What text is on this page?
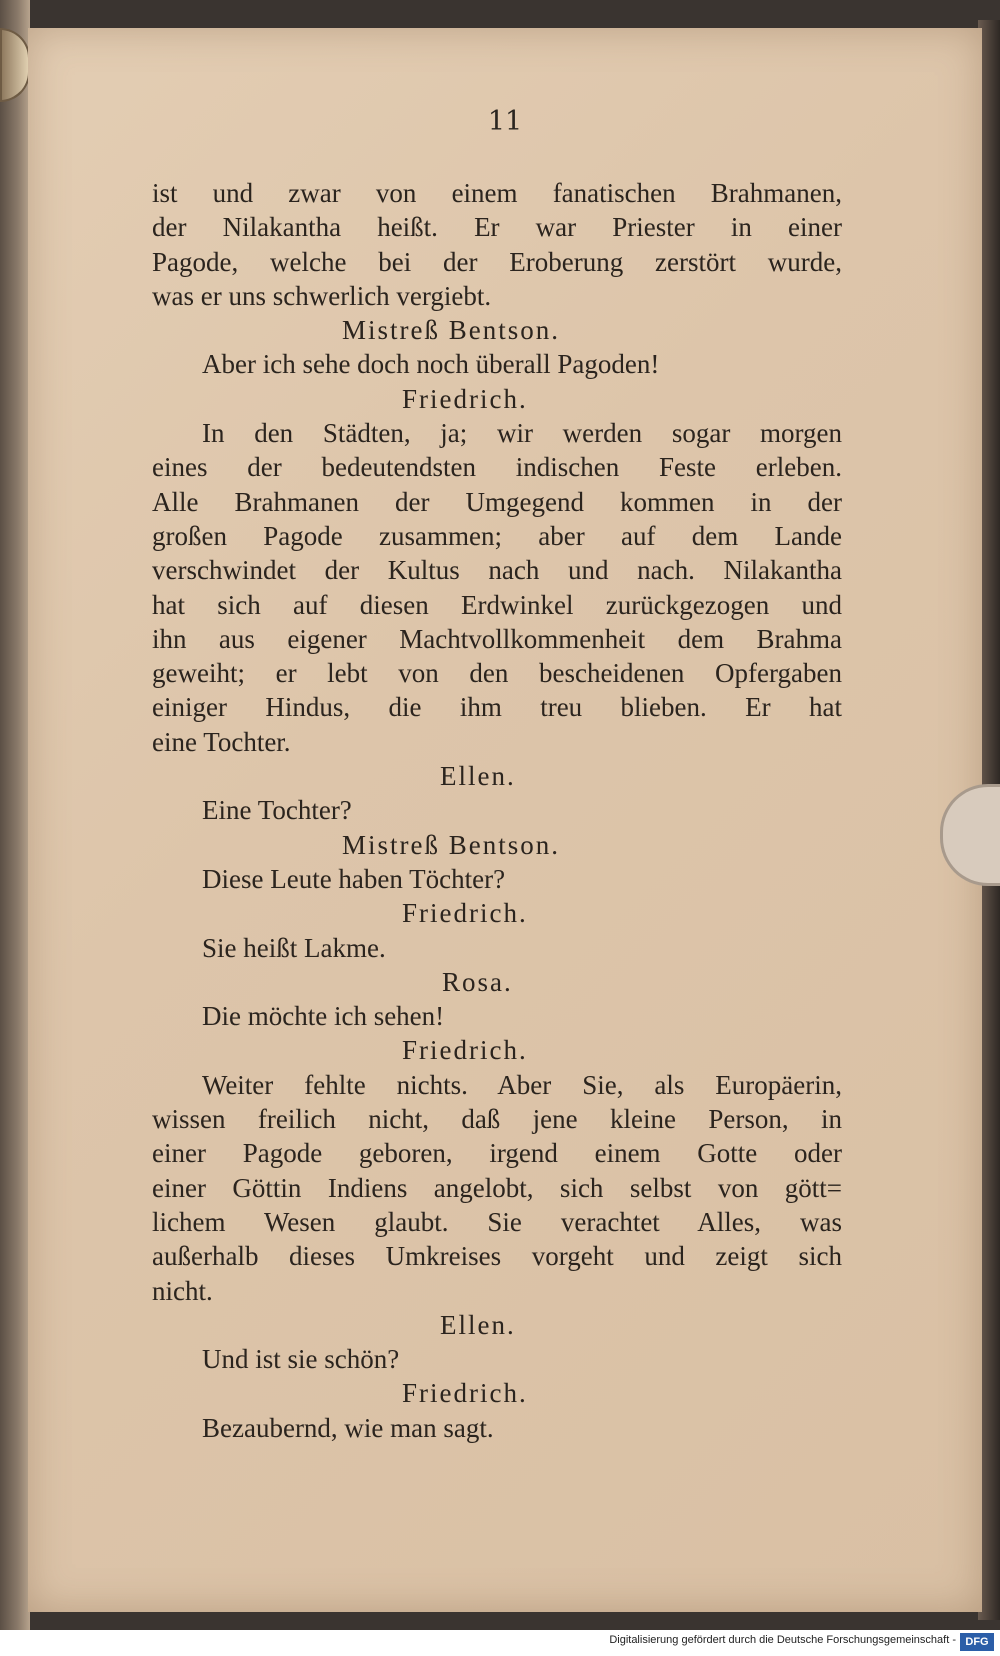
11
ist und zwar von einem fanatischen Brahmanen,
der Nilakantha heißt. Er war Priester in einer
Pagode, welche bei der Eroberung zerstört wurde,
was er uns schwerlich vergiebt.
Mistreß Bentson.
Aber ich sehe doch noch überall Pagoden!
Friedrich.
In den Städten, ja; wir werden sogar morgen
eines der bedeutendsten indischen Feste erleben.
Alle Brahmanen der Umgegend kommen in der
großen Pagode zusammen; aber auf dem Lande
verschwindet der Kultus nach und nach. Nilakantha
hat sich auf diesen Erdwinkel zurückgezogen und
ihn aus eigener Machtvollkommenheit dem Brahma
geweiht; er lebt von den bescheidenen Opfergaben
einiger Hindus, die ihm treu blieben. Er hat
eine Tochter.
Ellen.
Eine Tochter?
Mistreß Bentson.
Diese Leute haben Töchter?
Friedrich.
Sie heißt Lakme.
Rosa.
Die möchte ich sehen!
Friedrich.
Weiter fehlte nichts. Aber Sie, als Europäerin,
wissen freilich nicht, daß jene kleine Person, in
einer Pagode geboren, irgend einem Gotte oder
einer Göttin Indiens angelobt, sich selbst von gött=
lichem Wesen glaubt. Sie verachtet Alles, was
außerhalb dieses Umkreises vorgeht und zeigt sich
nicht.
Ellen.
Und ist sie schön?
Friedrich.
Bezaubernd, wie man sagt.
Digitalisierung gefördert durch die Deutsche Forschungsgemeinschaft - DFG
